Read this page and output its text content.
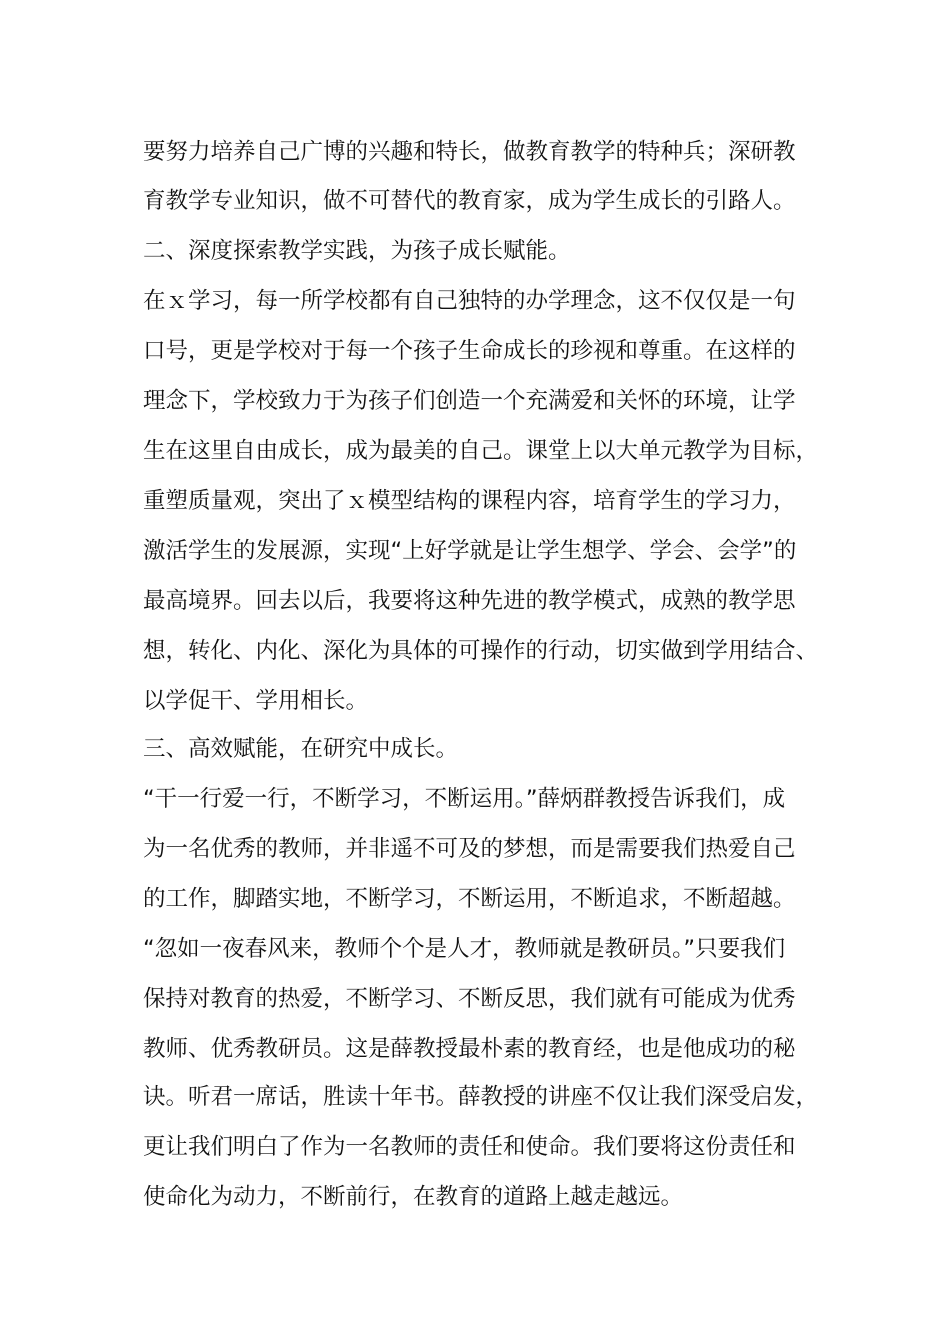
要努力培养自己广博的兴趣和特长，做教育教学的特种兵；深研教
育教学专业知识，做不可替代的教育家，成为学生成长的引路人。
二、深度探索教学实践，为孩子成长赋能。
在ｘ学习，每一所学校都有自己独特的办学理念，这不仅仅是一句
口号，更是学校对于每一个孩子生命成长的珍视和尊重。在这样的
理念下，学校致力于为孩子们创造一个充满爱和关怀的环境，让学
生在这里自由成长，成为最美的自己。课堂上以大单元教学为目标，
重塑质量观，突出了ｘ模型结构的课程内容，培育学生的学习力，
激活学生的发展源，实现“上好学就是让学生想学、学会、会学”的
最高境界。回去以后，我要将这种先进的教学模式，成熟的教学思
想，转化、内化、深化为具体的可操作的行动，切实做到学用结合、
以学促干、学用相长。
三、高效赋能，在研究中成长。
“干一行爱一行，不断学习，不断运用。”薛炳群教授告诉我们，成
为一名优秀的教师，并非遥不可及的梦想，而是需要我们热爱自己
的工作，脚踏实地，不断学习，不断运用，不断追求，不断超越。
“忽如一夜春风来，教师个个是人才，教师就是教研员。”只要我们
保持对教育的热爱，不断学习、不断反思，我们就有可能成为优秀
教师、优秀教研员。这是薛教授最朴素的教育经，也是他成功的秘
诀。听君一席话，胜读十年书。薛教授的讲座不仅让我们深受启发，
更让我们明白了作为一名教师的责任和使命。我们要将这份责任和
使命化为动力，不断前行，在教育的道路上越走越远。
